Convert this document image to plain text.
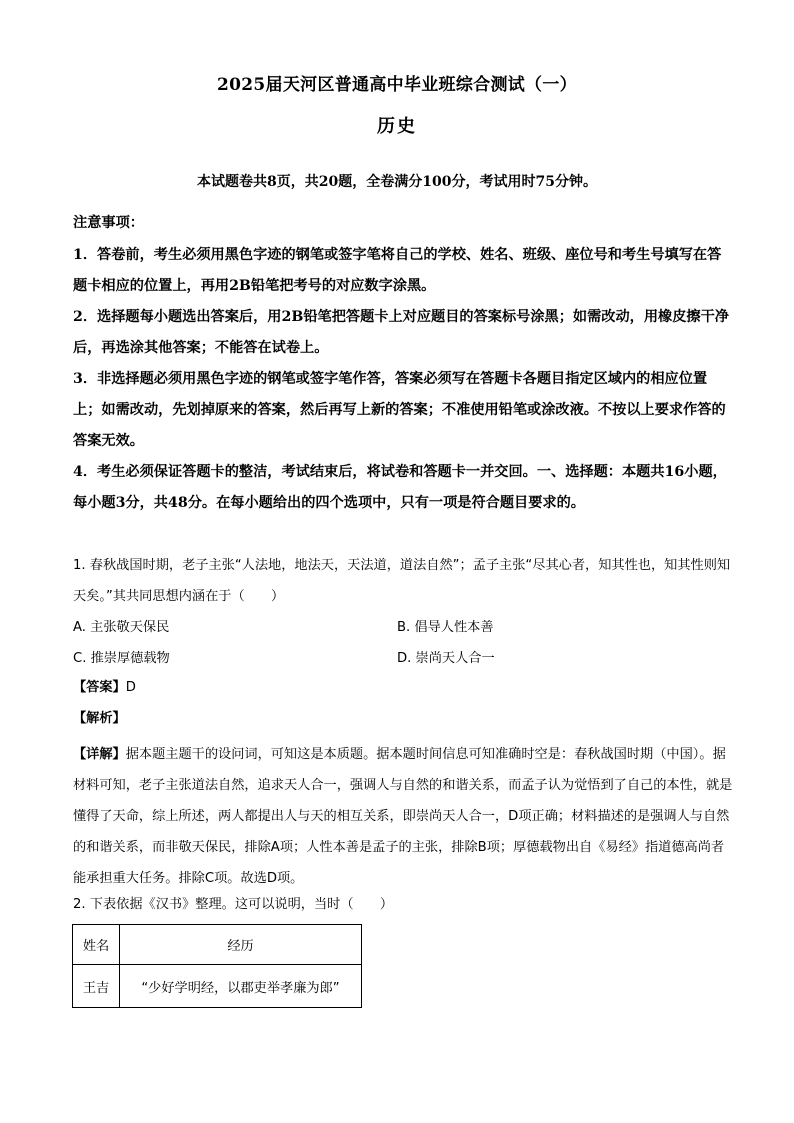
2025届天河区普通高中毕业班综合测试（一）
历史
本试题卷共8页，共20题，全卷满分100分，考试用时75分钟。
注意事项：
1．答卷前，考生必须用黑色字迹的钢笔或签字笔将自己的学校、姓名、班级、座位号和考生号填写在答题卡相应的位置上，再用2B铅笔把考号的对应数字涂黑。
2．选择题每小题选出答案后，用2B铅笔把答题卡上对应题目的答案标号涂黑；如需改动，用橡皮擦干净后，再选涂其他答案；不能答在试卷上。
3．非选择题必须用黑色字迹的钢笔或签字笔作答，答案必须写在答题卡各题目指定区域内的相应位置上；如需改动，先划掉原来的答案，然后再写上新的答案；不准使用铅笔或涂改液。不按以上要求作答的答案无效。
4．考生必须保证答题卡的整洁，考试结束后，将试卷和答题卡一并交回。一、选择题：本题共16小题，每小题3分，共48分。在每小题给出的四个选项中，只有一项是符合题目要求的。
1. 春秋战国时期，老子主张“人法地，地法天，天法道，道法自然”；孟子主张“尽其心者，知其性也，知其性则知天矣。”其共同思想内涵在于（　　）
A. 主张敬天保民	B. 倡导人性本善
C. 推崇厚德载物	D. 崇尚天人合一
【答案】D
【解析】
【详解】据本题主题干的设问词，可知这是本质题。据本题时间信息可知准确时空是：春秋战国时期（中国）。据材料可知，老子主张道法自然，追求天人合一，强调人与自然的和谐关系，而孟子认为觉悟到了自己的本性，就是懂得了天命，综上所述，两人都提出人与天的相互关系，即崇尚天人合一，D项正确；材料描述的是强调人与自然的和谐关系，而非敬天保民，排除A项；人性本善是孟子的主张，排除B项；厚德载物出自《易经》指道德高尚者能承担重大任务。排除C项。故选D项。
2. 下表依据《汉书》整理。这可以说明，当时（　　）
姓名	经历
王吉	“少好学明经，以郡吏举孝廉为郎”
